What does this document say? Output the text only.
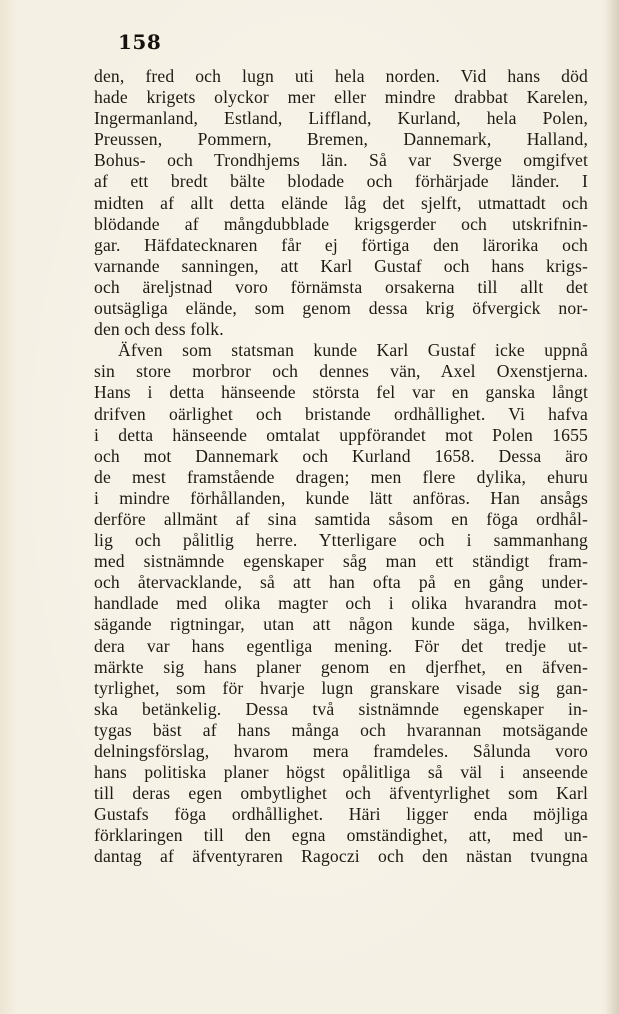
158

den, fred och lugn uti hela norden. Vid hans död
hade krigets olyckor mer eller mindre drabbat Karelen,
Ingermanland, Estland, Liffland, Kurland, hela Polen,
Preussen, Pommern, Bremen, Dannemark, Halland,
Bohus- och Trondhjems län. Så var Sverge omgifvet
af ett bredt bälte blodade och förhärjade länder. I
midten af allt detta elände låg det sjelft, utmattadt och
blödande af mångdubblade krigsgerder och utskrifnin-
gar. Häfdatecknaren får ej förtiga den lärorika och
varnande sanningen, att Karl Gustaf och hans krigs-
och äreljstnad voro förnämsta orsakerna till allt det
outsägliga elände, som genom dessa krig öfvergick nor-
den och dess folk.
Äfven som statsman kunde Karl Gustaf icke uppnå
sin store morbror och dennes vän, Axel Oxenstjerna.
Hans i detta hänseende största fel var en ganska långt
drifven oärlighet och bristande ordhållighet. Vi hafva
i detta hänseende omtalat uppförandet mot Polen 1655
och mot Dannemark och Kurland 1658. Dessa äro
de mest framstående dragen; men flere dylika, ehuru
i mindre förhållanden, kunde lätt anföras. Han ansågs
derföre allmänt af sina samtida såsom en föga ordhål-
lig och pålitlig herre. Ytterligare och i sammanhang
med sistnämnde egenskaper såg man ett ständigt fram-
och återvacklande, så att han ofta på en gång under-
handlade med olika magter och i olika hvarandra mot-
sägande rigtningar, utan att någon kunde säga, hvilken-
dera var hans egentliga mening. För det tredje ut-
märkte sig hans planer genom en djerfhet, en äfven-
tyrlighet, som för hvarje lugn granskare visade sig gan-
ska betänkelig. Dessa två sistnämnde egenskaper in-
tygas bäst af hans många och hvarannan motsägande
delningsförslag, hvarom mera framdeles. Sålunda voro
hans politiska planer högst opålitliga så väl i anseende
till deras egen ombytlighet och äfventyrlighet som Karl
Gustafs föga ordhållighet. Häri ligger enda möjliga
förklaringen till den egna omständighet, att, med un-
dantag af äfventyraren Ragoczi och den nästan tvungna
